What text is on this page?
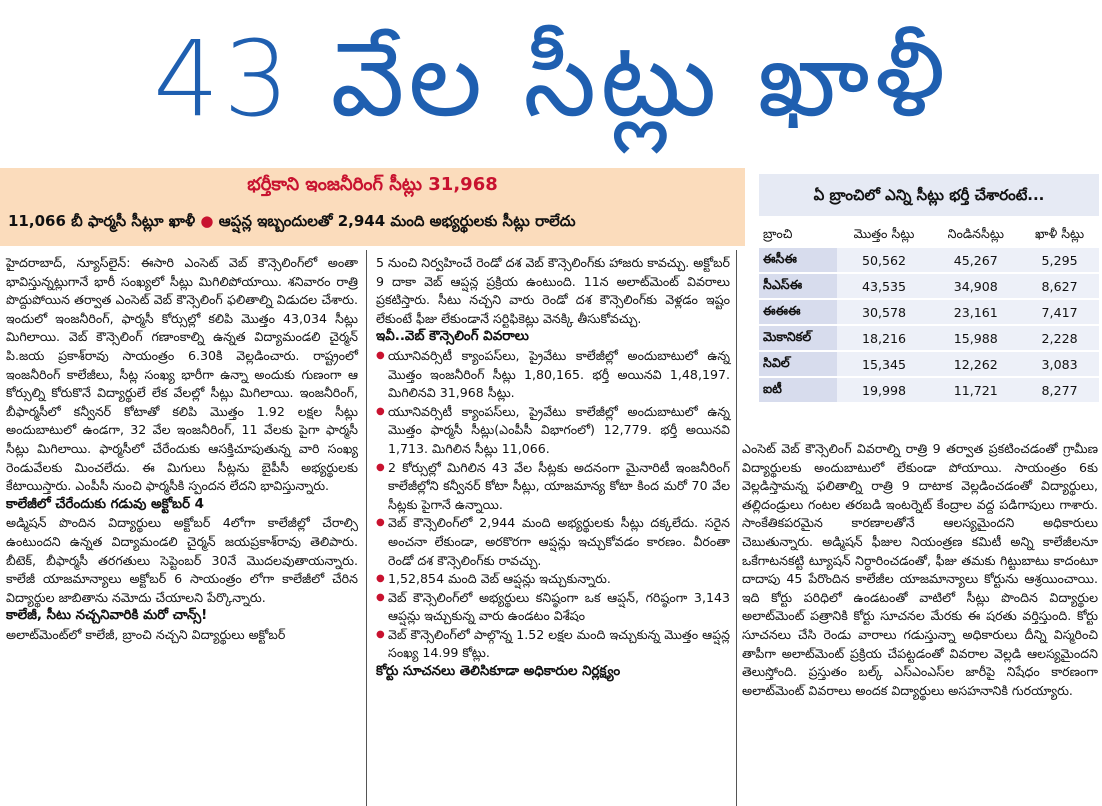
43 వేల సీట్లు ఖాళీ
భర్తీకాని ఇంజనీరింగ్ సీట్లు 31,968
11,066 బీ ఫార్మసీ సీట్లూ ఖాళీ ● ఆప్షన్ల ఇబ్బందులతో 2,944 మంది అభ్యర్థులకు సీట్లు రాలేదు

హైదరాబాద్, న్యూస్‌లైన్: ఈసారి ఎంసెట్ వెబ్ కౌన్సెలింగ్‌లో అంతా భావిస్తున్నట్లుగానే భారీ సంఖ్యలో సీట్లు మిగిలిపోయాయి. శనివారం రాత్రి పొద్దుపోయిన తర్వాత ఎంసెట్ వెబ్ కౌన్సెలింగ్ ఫలితాల్ని విడుదల చేశారు. ఇందులో ఇంజనీరింగ్, ఫార్మసీ కోర్సుల్లో కలిపి మొత్తం 43,034 సీట్లు మిగిలాయి. వెబ్ కౌన్సెలింగ్ గణాంకాల్ని ఉన్నత విద్యామండలి చైర్మన్ పి.జయ ప్రకాశ్‌రావు సాయంత్రం 6.30కి వెల్లడించారు. రాష్ట్రంలో ఇంజనీరింగ్ కాలేజీలు, సీట్ల సంఖ్య భారీగా ఉన్నా అందుకు గుణంగా ఆ కోర్సుల్ని కోరుకొనే విద్యార్థులే లేక వేలల్లో సీట్లు మిగిలాయి. ఇంజనీరింగ్, బీఫార్మసీలో కన్వీనర్ కోటాతో కలిపి మొత్తం 1.92 లక్షల సీట్లు అందుబాటులో ఉండగా, 32 వేల ఇంజనీరింగ్, 11 వేలకు పైగా ఫార్మసీ సీట్లు మిగిలాయి. ఫార్మసీలో చేరేందుకు ఆసక్తిచూపుతున్న వారి సంఖ్య రెండువేలకు మించలేదు. ఈ మిగులు సీట్లను బైపీసీ అభ్యర్థులకు కేటాయిస్తారు. ఎంపీసీ నుంచి ఫార్మసీకి స్పందన లేదని భావిస్తున్నారు.

కాలేజీలో చేరేందుకు గడువు అక్టోబర్ 4

అడ్మిషన్ పొందిన విద్యార్థులు అక్టోబర్ 4లోగా కాలేజీల్లో చేరాల్సి ఉంటుందని ఉన్నత విద్యామండలి చైర్మన్ జయప్రకాశ్‌రావు తెలిపారు. బీటెక్, బీఫార్మసీ తరగతులు సెప్టెంబర్ 30నే మొదలవుతాయన్నారు. కాలేజీ యాజమాన్యాలు అక్టోబర్ 6 సాయంత్రం లోగా కాలేజీలో చేరిన విద్యార్థుల జాబితాను నమోదు చేయాలని పేర్కొన్నారు.

కాలేజీ, సీటు నచ్చనివారికి మరో చాన్స్!

అలాట్‌మెంట్‌లో కాలేజీ, బ్రాంచి నచ్చని విద్యార్థులు అక్టోబర్

5 నుంచి నిర్వహించే రెండో దశ వెబ్ కౌన్సెలింగ్‌కు హాజరు కావచ్చు. అక్టోబర్ 9 దాకా వెబ్ ఆప్షన్ల ప్రక్రియ ఉంటుంది. 11న అలాట్‌మెంట్ వివరాలు ప్రకటిస్తారు. సీటు నచ్చని వారు రెండో దశ కౌన్సెలింగ్‌కు వెళ్లడం ఇష్టం లేకుంటే ఫీజు లేకుండానే సర్టిఫికెట్లు వెనక్కి తీసుకోవచ్చు.

ఇవీ..వెబ్ కౌన్సెలింగ్ వివరాలు

● యూనివర్సిటీ క్యాంపస్‌లు, ప్రైవేటు కాలేజీల్లో అందుబాటులో ఉన్న మొత్తం ఇంజనీరింగ్ సీట్లు 1,80,165. భర్తీ అయినవి 1,48,197. మిగిలినవి 31,968 సీట్లు.

● యూనివర్సిటీ క్యాంపస్‌లు, ప్రైవేటు కాలేజీల్లో అందుబాటులో ఉన్న మొత్తం ఫార్మసీ సీట్లు(ఎంపీసీ విభాగంలో) 12,779. భర్తీ అయినవి 1,713. మిగిలిన సీట్లు 11,066.

● 2 కోర్సుల్లో మిగిలిన 43 వేల సీట్లకు అదనంగా మైనారిటీ ఇంజనీరింగ్ కాలేజీల్లోని కన్వీనర్ కోటా సీట్లు, యాజమాన్య కోటా కింద మరో 70 వేల సీట్లకు పైగానే ఉన్నాయి.

● వెబ్ కౌన్సెలింగ్‌లో 2,944 మంది అభ్యర్థులకు సీట్లు దక్కలేదు. సరైన అంచనా లేకుండా, అరకొరగా ఆప్షన్లు ఇచ్చుకోవడం కారణం. వీరంతా రెండో దశ కౌన్సెలింగ్‌కు రావచ్చు.

● 1,52,854 మంది వెబ్ ఆప్షన్లు ఇచ్చుకున్నారు.

● వెబ్ కౌన్సెలింగ్‌లో అభ్యర్థులు కనిష్ఠంగా ఒక ఆప్షన్, గరిష్ఠంగా 3,143 ఆప్షన్లు ఇచ్చుకున్న వారు ఉండటం విశేషం

● వెబ్ కౌన్సెలింగ్‌లో పాల్గొన్న 1.52 లక్షల మంది ఇచ్చుకున్న మొత్తం ఆప్షన్ల సంఖ్య 14.99 కోట్లు.

కోర్టు సూచనలు తెలిసికూడా అధికారుల నిర్లక్ష్యం

ఏ బ్రాంచిలో ఎన్ని సీట్లు భర్తీ చేశారంటే...
బ్రాంచి	మొత్తం సీట్లు	నిండినసీట్లు	ఖాళీ సీట్లు
ఈసీఈ	50,562	45,267	5,295
సీఎస్ఈ	43,535	34,908	8,627
ఈఈఈ	30,578	23,161	7,417
మెకానికల్	18,216	15,988	2,228
సివిల్	15,345	12,262	3,083
ఐటీ	19,998	11,721	8,277

ఎంసెట్ వెబ్ కౌన్సెలింగ్ వివరాల్ని రాత్రి 9 తర్వాత ప్రకటించడంతో గ్రామీణ విద్యార్థులకు అందుబాటులో లేకుండా పోయాయి. సాయంత్రం 6కు వెల్లడిస్తామన్న ఫలితాల్ని రాత్రి 9 దాటాక వెల్లడించడంతో విద్యార్థులు, తల్లిదండ్రులు గంటల తరబడి ఇంటర్నెట్ కేంద్రాల వద్ద పడిగాపులు గాశారు. సాంకేతికపరమైన కారణాలతోనే ఆలస్యమైందని అధికారులు చెబుతున్నారు. అడ్మిషన్ ఫీజుల నియంత్రణ కమిటీ అన్ని కాలేజీలనూ ఒకేగాటనకట్టి ట్యూషన్ నిర్ధారించడంతో, ఫీజు తమకు గిట్టుబాటు కాదంటూ దాదాపు 45 పేరొందిన కాలేజీల యాజమాన్యాలు కోర్టును ఆశ్రయించాయి. ఇది కోర్టు పరిధిలో ఉండటంతో వాటిలో సీట్లు పొందిన విద్యార్థుల అలాట్‌మెంట్ పత్రానికి కోర్టు సూచనల మేరకు ఈ షరతు వర్తిస్తుంది. కోర్టు సూచనలు చేసి రెండు వారాలు గడుస్తున్నా అధికారులు దీన్ని విస్మరించి తాపీగా అలాట్‌మెంట్ ప్రక్రియ చేపట్టడంతో వివరాల వెల్లడి ఆలస్యమైందని తెలుస్తోంది. ప్రస్తుతం బల్క్ ఎస్ఎంఎస్‌ల జారీపై నిషేధం కారణంగా అలాట్‌మెంట్ వివరాలు అందక విద్యార్థులు అసహనానికి గురయ్యారు.
